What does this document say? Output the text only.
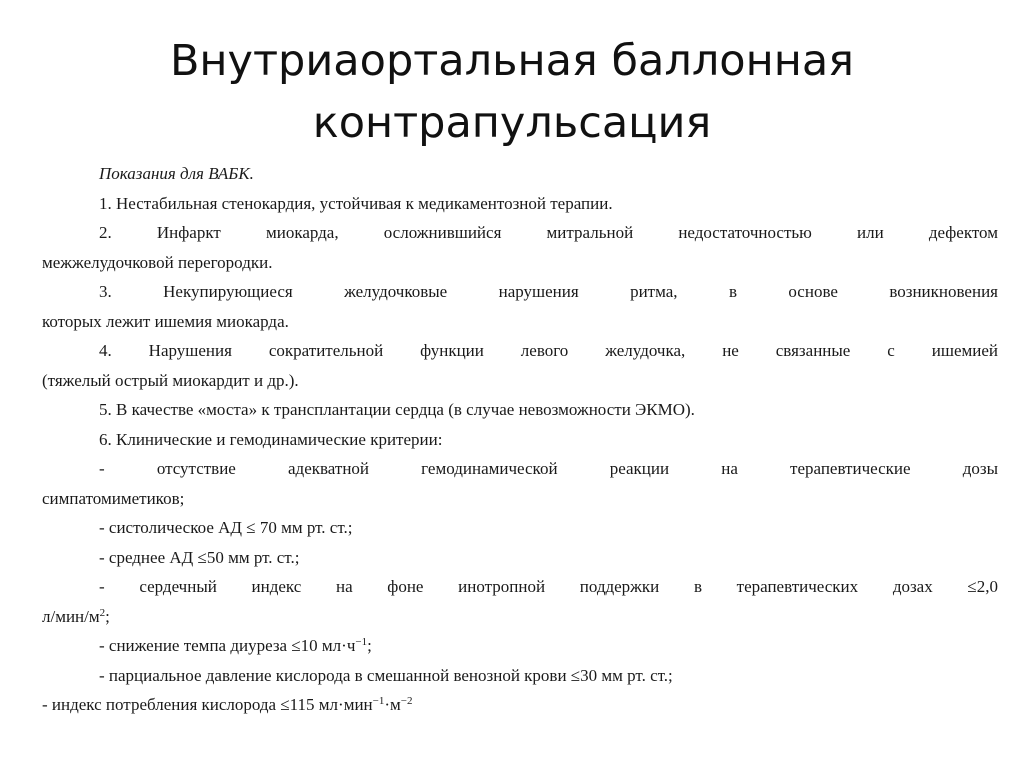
Внутриаортальная баллонная
контрапульсация
Показания для ВАБК.
1. Нестабильная стенокардия, устойчивая к медикаментозной терапии.
2. Инфаркт миокарда, осложнившийся митральной недостаточностью или дефектом
межжелудочковой перегородки.
3. Некупирующиеся желудочковые нарушения ритма, в основе возникновения
которых лежит ишемия миокарда.
4. Нарушения сократительной функции левого желудочка, не связанные с ишемией
(тяжелый острый миокардит и др.).
5. В качестве «моста» к трансплантации сердца (в случае невозможности ЭКМО).
6. Клинические и гемодинамические критерии:
- отсутствие адекватной гемодинамической реакции на терапевтические дозы
симпатомиметиков;
- систолическое АД ≤ 70 мм рт. ст.;
- среднее АД ≤50 мм рт. ст.;
- сердечный индекс на фоне инотропной поддержки в терапевтических дозах ≤2,0
$л/мин/м^2$;
- снижение темпа диуреза ≤10 $мл\cdot ч^{-1}$;
- парциальное давление кислорода в смешанной венозной крови ≤30 мм рт. ст.;
- индекс потребления кислорода ≤115 $мл\cdot мин^{-1}\cdot м^{-2}$
